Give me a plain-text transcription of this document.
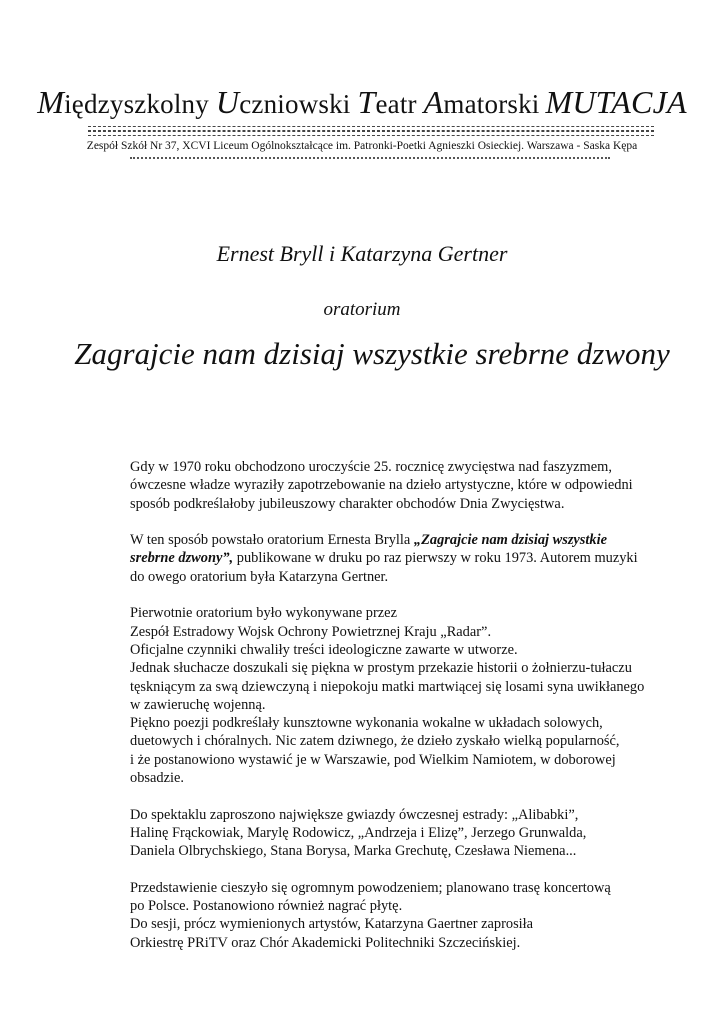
Międzyszkolny Uczniowski Teatr Amatorski MUTACJA
Zespół Szkół Nr 37, XCVI Liceum Ogólnokształcące im. Patronki-Poetki Agnieszki Osieckiej. Warszawa - Saska Kępa
Ernest Bryll i Katarzyna Gertner
oratorium
Zagrajcie nam dzisiaj wszystkie srebrne dzwony

Gdy w 1970 roku obchodzono uroczyście 25. rocznicę zwycięstwa nad faszyzmem,
ówczesne władze wyraziły zapotrzebowanie na dzieło artystyczne, które w odpowiedni
sposób podkreślałoby jubileuszowy charakter obchodów Dnia Zwycięstwa.

W ten sposób powstało oratorium Ernesta Brylla „Zagrajcie nam dzisiaj wszystkie
srebrne dzwony”, publikowane w druku po raz pierwszy w roku 1973. Autorem muzyki
do owego oratorium była Katarzyna Gertner.

Pierwotnie oratorium było wykonywane przez
Zespół Estradowy Wojsk Ochrony Powietrznej Kraju „Radar”.
Oficjalne czynniki chwaliły treści ideologiczne zawarte w utworze.
Jednak słuchacze doszukali się piękna w prostym przekazie historii o żołnierzu-tułaczu
tęskniącym za swą dziewczyną i niepokoju matki martwiącej się losami syna uwikłanego
w zawieruchę wojenną.
Piękno poezji podkreślały kunsztowne wykonania wokalne w układach solowych,
duetowych i chóralnych. Nic zatem dziwnego, że dzieło zyskało wielką popularność,
i że postanowiono wystawić je w Warszawie, pod Wielkim Namiotem, w doborowej
obsadzie.

Do spektaklu zaproszono największe gwiazdy ówczesnej estrady: „Alibabki”,
Halinę Frąckowiak, Marylę Rodowicz, „Andrzeja i Elizę”, Jerzego Grunwalda,
Daniela Olbrychskiego, Stana Borysa, Marka Grechutę, Czesława Niemena...

Przedstawienie cieszyło się ogromnym powodzeniem; planowano trasę koncertową
po Polsce. Postanowiono również nagrać płytę.
Do sesji, prócz wymienionych artystów, Katarzyna Gaertner zaprosiła
Orkiestrę PRiTV oraz Chór Akademicki Politechniki Szczecińskiej.
